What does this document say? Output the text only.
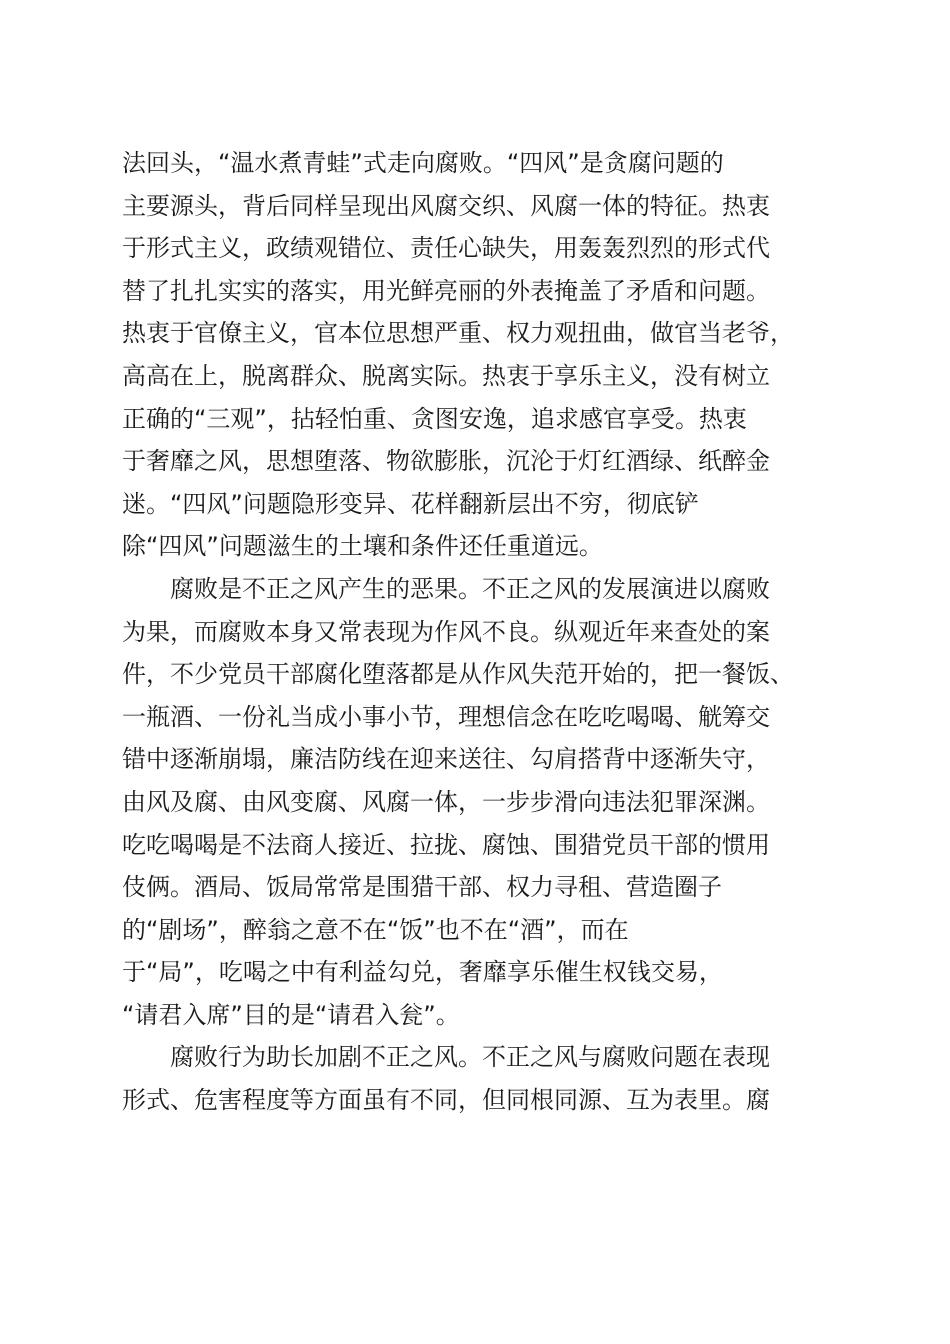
法回头，“温水煮青蛙”式走向腐败。“四风”是贪腐问题的
主要源头，背后同样呈现出风腐交织、风腐一体的特征。热衷
于形式主义，政绩观错位、责任心缺失，用轰轰烈烈的形式代
替了扎扎实实的落实，用光鲜亮丽的外表掩盖了矛盾和问题。
热衷于官僚主义，官本位思想严重、权力观扭曲，做官当老爷，
高高在上，脱离群众、脱离实际。热衷于享乐主义，没有树立
正确的“三观”，拈轻怕重、贪图安逸，追求感官享受。热衷
于奢靡之风，思想堕落、物欲膨胀，沉沦于灯红酒绿、纸醉金
迷。“四风”问题隐形变异、花样翻新层出不穷，彻底铲
除“四风”问题滋生的土壤和条件还任重道远。
腐败是不正之风产生的恶果。不正之风的发展演进以腐败
为果，而腐败本身又常表现为作风不良。纵观近年来查处的案
件，不少党员干部腐化堕落都是从作风失范开始的，把一餐饭、
一瓶酒、一份礼当成小事小节，理想信念在吃吃喝喝、觥筹交
错中逐渐崩塌，廉洁防线在迎来送往、勾肩搭背中逐渐失守，
由风及腐、由风变腐、风腐一体，一步步滑向违法犯罪深渊。
吃吃喝喝是不法商人接近、拉拢、腐蚀、围猎党员干部的惯用
伎俩。酒局、饭局常常是围猎干部、权力寻租、营造圈子
的“剧场”，醉翁之意不在“饭”也不在“酒”，而在
于“局”，吃喝之中有利益勾兑，奢靡享乐催生权钱交易，
“请君入席”目的是“请君入瓮”。
腐败行为助长加剧不正之风。不正之风与腐败问题在表现
形式、危害程度等方面虽有不同，但同根同源、互为表里。腐
